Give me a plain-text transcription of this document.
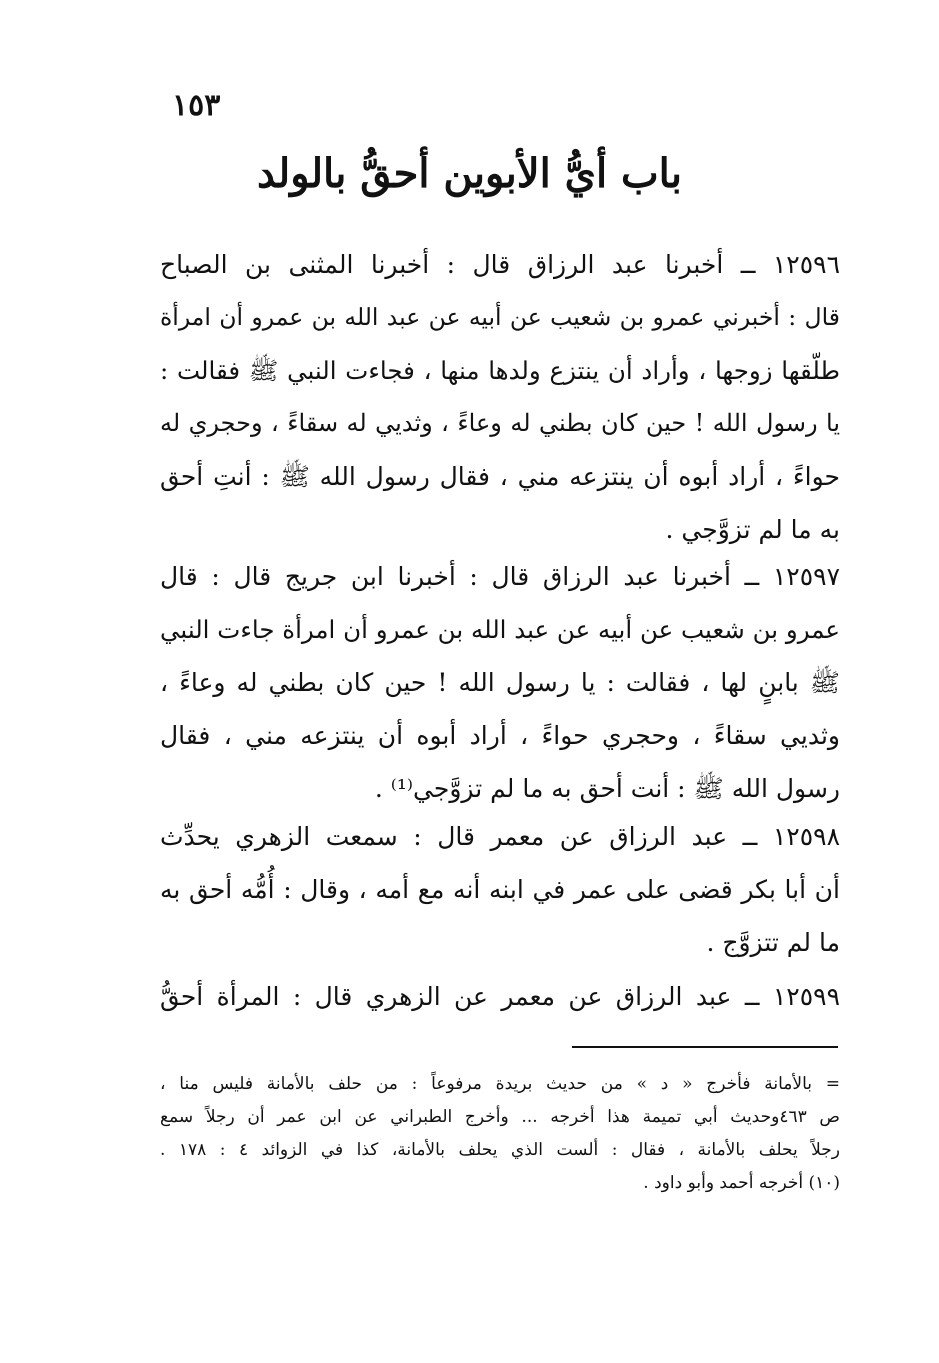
١٥٣
باب أيُّ الأبوين أحقُّ بالولد
١٢٥٩٦ ــ أخبرنا عبد الرزاق قال : أخبرنا المثنى بن الصباح
قال : أخبرني عمرو بن شعيب عن أبيه عن عبد الله بن عمرو أن امرأة
طلّقها زوجها ، وأراد أن ينتزع ولدها منها ، فجاءت النبي ﷺ فقالت :
يا رسول الله ! حين كان بطني له وعاءً ، وثديي له سقاءً ، وحجري له
حواءً ، أراد أبوه أن ينتزعه مني ، فقال رسول الله ﷺ : أنتِ أحق
به ما لم تزوَّجي .
١٢٥٩٧ ــ أخبرنا عبد الرزاق قال : أخبرنا ابن جريج قال : قال
عمرو بن شعيب عن أبيه عن عبد الله بن عمرو أن امرأة جاءت النبي
ﷺ بابنٍ لها ، فقالت : يا رسول الله ! حين كان بطني له وعاءً ،
وثديي سقاءً ، وحجري حواءً ، أراد أبوه أن ينتزعه مني ، فقال
رسول الله ﷺ : أنت أحق به ما لم تزوَّجي⁽¹⁾ .
١٢٥٩٨ ــ عبد الرزاق عن معمر قال : سمعت الزهري يحدِّث
أن أبا بكر قضى على عمر في ابنه أنه مع أمه ، وقال : أُمُّه أحق به
ما لم تتزوَّج .
١٢٥٩٩ ــ عبد الرزاق عن معمر عن الزهري قال : المرأة أحقُّ
= بالأمانة فأخرج « د » من حديث بريدة مرفوعاً : من حلف بالأمانة فليس منا ،
ص ٤٦٣وحديث أبي تميمة هذا أخرجه ... وأخرج الطبراني عن ابن عمر أن رجلاً سمع
رجلاً يحلف بالأمانة ، فقال : ألست الذي يحلف بالأمانة، كذا في الزوائد ٤ : ١٧٨ .
(١٠) أخرجه أحمد وأبو داود .
